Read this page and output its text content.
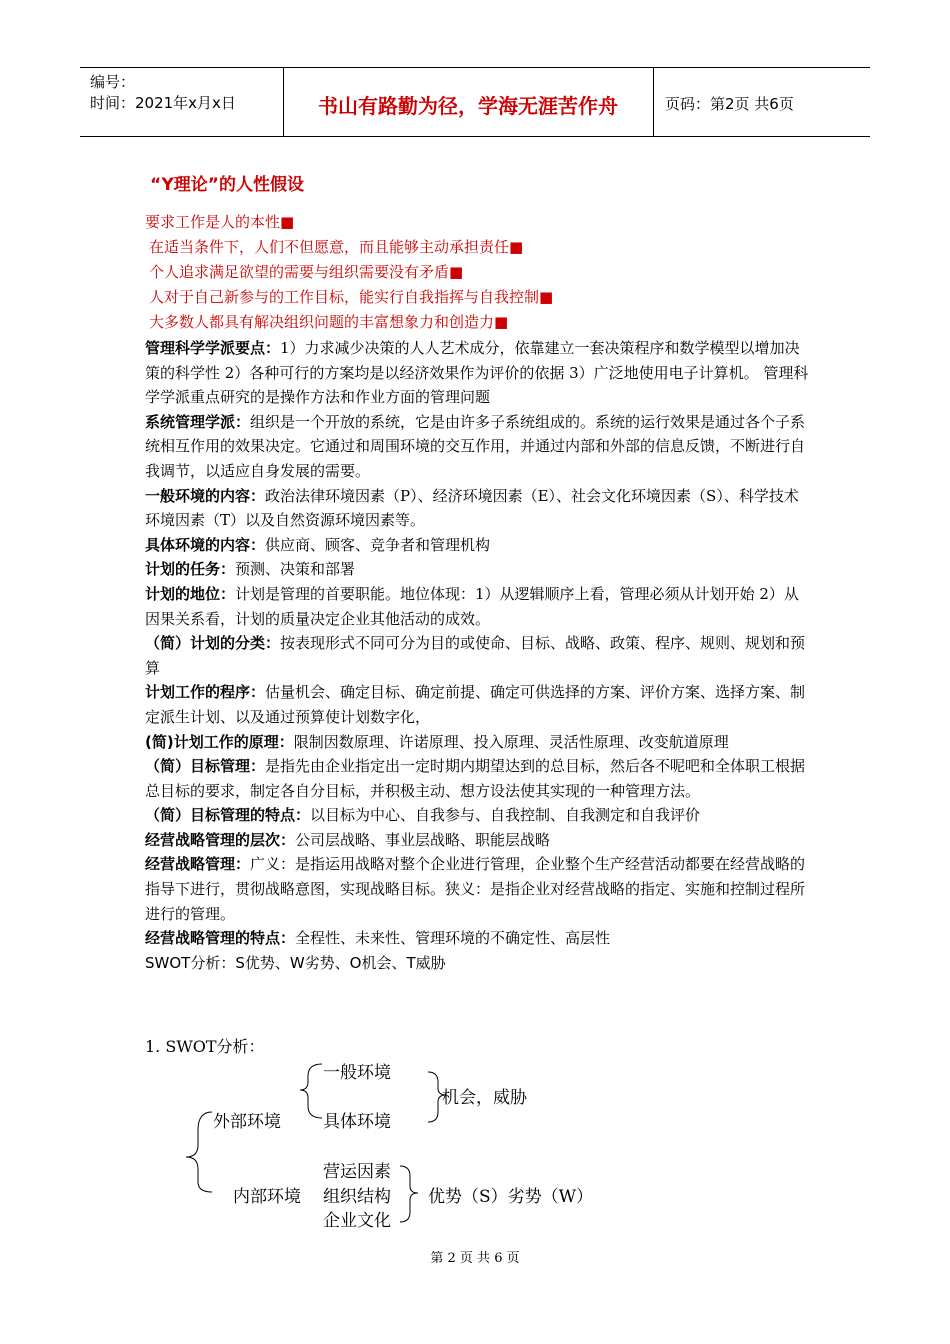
编号：
时间：2021年x月x日	书山有路勤为径，学海无涯苦作舟	页码：第2页 共6页
“Y理论”的人性假设
要求工作是人的本性■
在适当条件下，人们不但愿意，而且能够主动承担责任■
个人追求满足欲望的需要与组织需要没有矛盾■
人对于自己新参与的工作目标，能实行自我指挥与自我控制■
大多数人都具有解决组织问题的丰富想象力和创造力■

管理科学学派要点：1）力求减少决策的人人艺术成分，依靠建立一套决策程序和数学模型以增加决策的科学性 2）各种可行的方案均是以经济效果作为评价的依据 3）广泛地使用电子计算机。 管理科学学派重点研究的是操作方法和作业方面的管理问题

系统管理学派：组织是一个开放的系统，它是由许多子系统组成的。系统的运行效果是通过各个子系统相互作用的效果决定。它通过和周围环境的交互作用，并通过内部和外部的信息反馈，不断进行自我调节，以适应自身发展的需要。

一般环境的内容：政治法律环境因素（P）、经济环境因素（E）、社会文化环境因素（S）、科学技术环境因素（T）以及自然资源环境因素等。

具体环境的内容：供应商、顾客、竞争者和管理机构

计划的任务：预测、决策和部署

计划的地位：计划是管理的首要职能。地位体现：1）从逻辑顺序上看，管理必须从计划开始 2）从因果关系看，计划的质量决定企业其他活动的成效。

（简）计划的分类：按表现形式不同可分为目的或使命、目标、战略、政策、程序、规则、规划和预算

计划工作的程序：估量机会、确定目标、确定前提、确定可供选择的方案、评价方案、选择方案、制定派生计划、以及通过预算使计划数字化，

(简)计划工作的原理：限制因数原理、许诺原理、投入原理、灵活性原理、改变航道原理

（简）目标管理：是指先由企业指定出一定时期内期望达到的总目标，然后各不呢吧和全体职工根据总目标的要求，制定各自分目标，并积极主动、想方设法使其实现的一种管理方法。

（简）目标管理的特点：以目标为中心、自我参与、自我控制、自我测定和自我评价

经营战略管理的层次：公司层战略、事业层战略、职能层战略

经营战略管理：广义：是指运用战略对整个企业进行管理，企业整个生产经营活动都要在经营战略的指导下进行，贯彻战略意图，实现战略目标。狭义：是指企业对经营战略的指定、实施和控制过程所进行的管理。

经营战略管理的特点：全程性、未来性、管理环境的不确定性、高层性

SWOT分析：S优势、W劣势、O机会、T威胁

1. SWOT分析：
一般环境
机会，威胁
外部环境 具体环境
营运因素
内部环境 组织结构 优势（S）劣势（W）
企业文化
第 2 页 共 6 页
